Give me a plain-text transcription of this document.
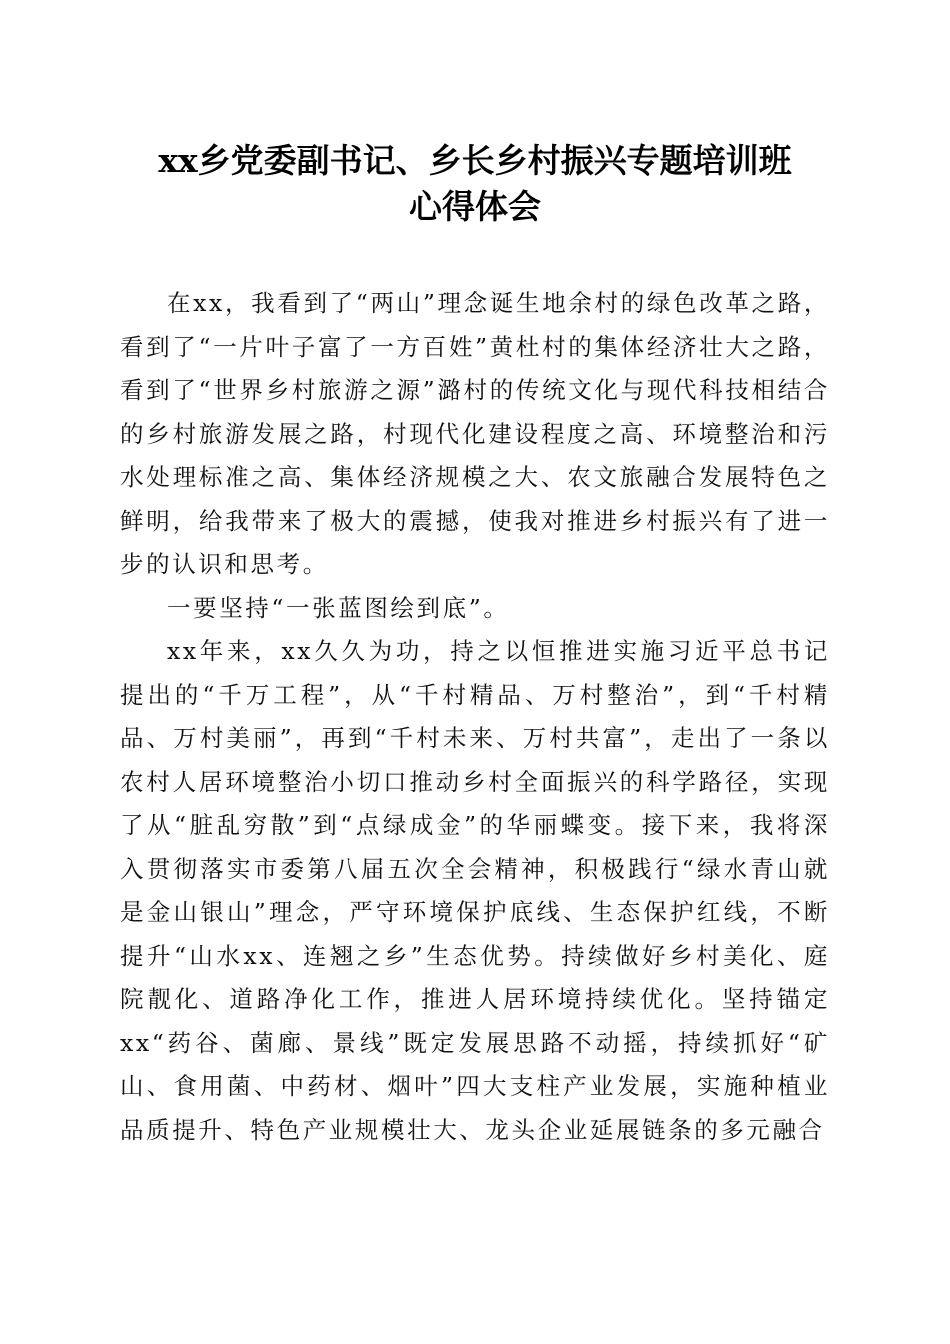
xx乡党委副书记、乡长乡村振兴专题培训班
心得体会

在xx，我看到了“两山”理念诞生地余村的绿色改革之路，看到了“一片叶子富了一方百姓”黄杜村的集体经济壮大之路，看到了“世界乡村旅游之源”潞村的传统文化与现代科技相结合的乡村旅游发展之路，村现代化建设程度之高、环境整治和污水处理标准之高、集体经济规模之大、农文旅融合发展特色之鲜明，给我带来了极大的震撼，使我对推进乡村振兴有了进一步的认识和思考。

一要坚持“一张蓝图绘到底”。

xx年来，xx久久为功，持之以恒推进实施习近平总书记提出的“千万工程”，从“千村精品、万村整治”，到“千村精品、万村美丽”，再到“千村未来、万村共富”，走出了一条以农村人居环境整治小切口推动乡村全面振兴的科学路径，实现了从“脏乱穷散”到“点绿成金”的华丽蝶变。接下来，我将深入贯彻落实市委第八届五次全会精神，积极践行“绿水青山就是金山银山”理念，严守环境保护底线、生态保护红线，不断提升“山水xx、连翘之乡”生态优势。持续做好乡村美化、庭院靓化、道路净化工作，推进人居环境持续优化。坚持锚定xx“药谷、菌廊、景线”既定发展思路不动摇，持续抓好“矿山、食用菌、中药材、烟叶”四大支柱产业发展，实施种植业品质提升、特色产业规模壮大、龙头企业延展链条的多元融合
